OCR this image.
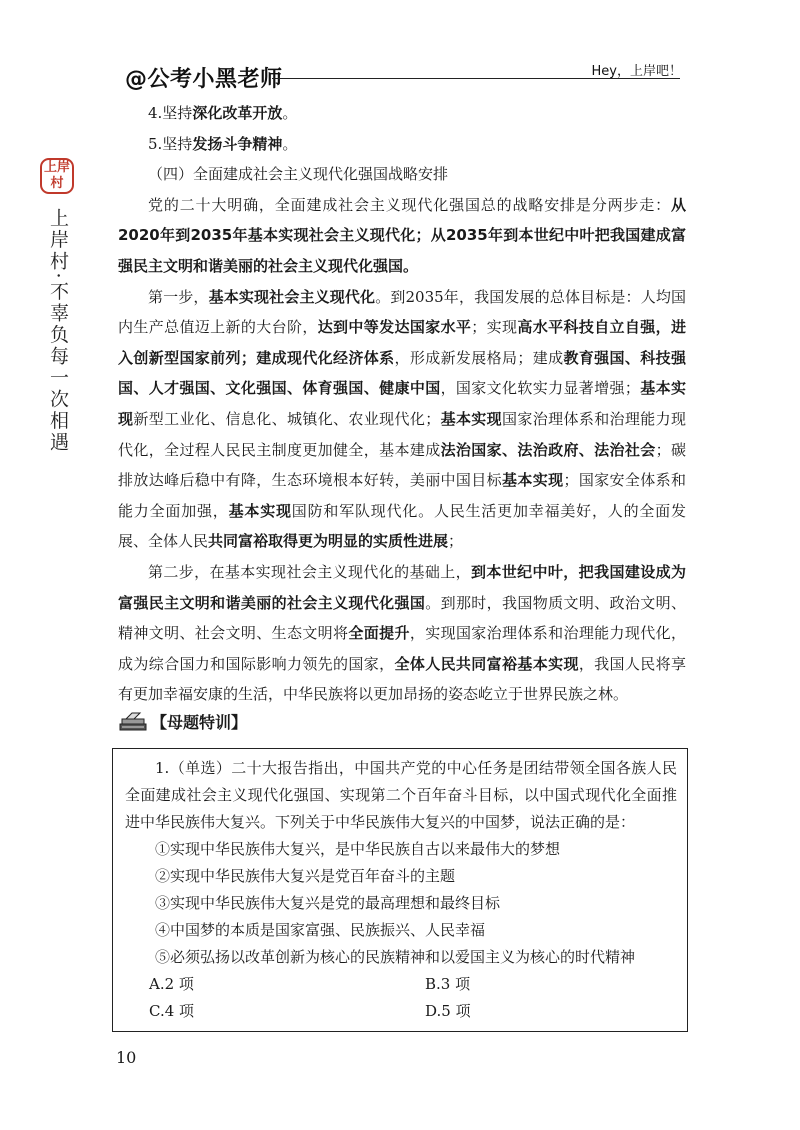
@公考小黑老师	Hey，上岸吧！
上岸
村
上岸村·不辜负每一次相遇

4.坚持深化改革开放。

5.坚持发扬斗争精神。

（四）全面建成社会主义现代化强国战略安排

党的二十大明确，全面建成社会主义现代化强国总的战略安排是分两步走：从2020年到2035年基本实现社会主义现代化；从2035年到本世纪中叶把我国建成富强民主文明和谐美丽的社会主义现代化强国。

第一步，基本实现社会主义现代化。到2035年，我国发展的总体目标是：人均国内生产总值迈上新的大台阶，达到中等发达国家水平；实现高水平科技自立自强，进入创新型国家前列；建成现代化经济体系，形成新发展格局；建成教育强国、科技强国、人才强国、文化强国、体育强国、健康中国，国家文化软实力显著增强；基本实现新型工业化、信息化、城镇化、农业现代化；基本实现国家治理体系和治理能力现代化，全过程人民民主制度更加健全，基本建成法治国家、法治政府、法治社会；碳排放达峰后稳中有降，生态环境根本好转，美丽中国目标基本实现；国家安全体系和能力全面加强，基本实现国防和军队现代化。人民生活更加幸福美好，人的全面发展、全体人民共同富裕取得更为明显的实质性进展；

第二步，在基本实现社会主义现代化的基础上，到本世纪中叶，把我国建设成为富强民主文明和谐美丽的社会主义现代化强国。到那时，我国物质文明、政治文明、精神文明、社会文明、生态文明将全面提升，实现国家治理体系和治理能力现代化，成为综合国力和国际影响力领先的国家，全体人民共同富裕基本实现，我国人民将享有更加幸福安康的生活，中华民族将以更加昂扬的姿态屹立于世界民族之林。

【母题特训】

1.（单选）二十大报告指出，中国共产党的中心任务是团结带领全国各族人民全面建成社会主义现代化强国、实现第二个百年奋斗目标，以中国式现代化全面推进中华民族伟大复兴。下列关于中华民族伟大复兴的中国梦，说法正确的是：

①实现中华民族伟大复兴，是中华民族自古以来最伟大的梦想

②实现中华民族伟大复兴是党百年奋斗的主题

③实现中华民族伟大复兴是党的最高理想和最终目标

④中国梦的本质是国家富强、民族振兴、人民幸福

⑤必须弘扬以改革创新为核心的民族精神和以爱国主义为核心的时代精神

A.2 项	B.3 项
C.4 项	D.5 项
10
